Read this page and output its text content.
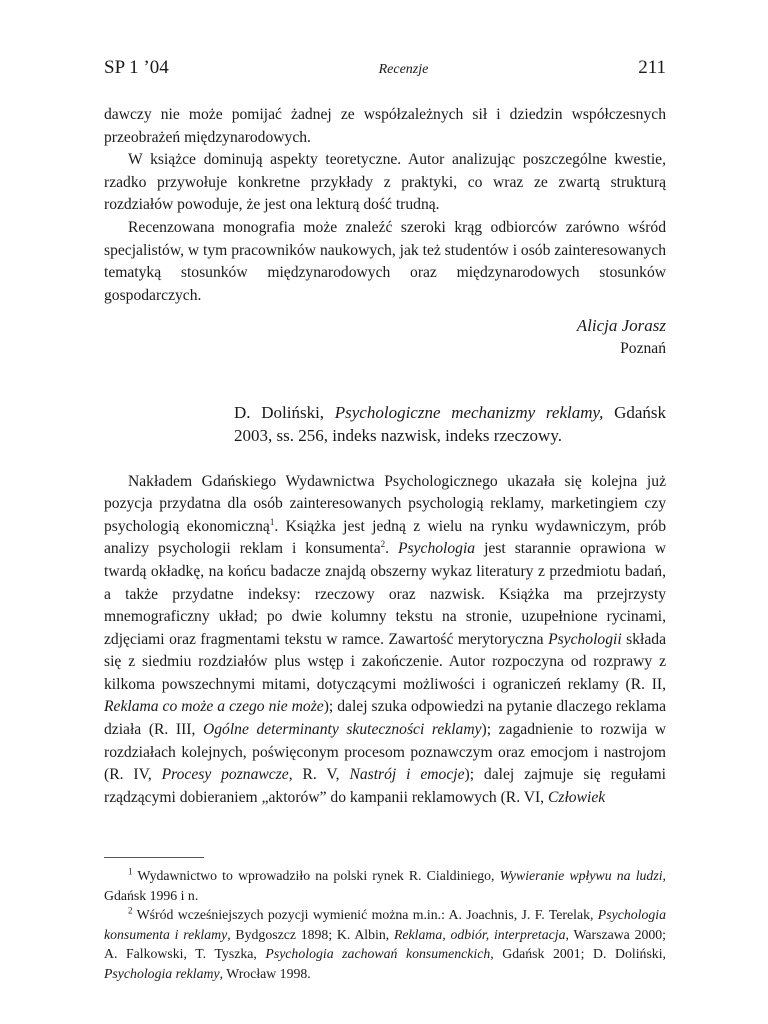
SP 1 ’04	Recenzje	211

dawczy nie może pomijać żadnej ze współzależnych sił i dziedzin współczesnych przeobrażeń międzynarodowych.

W książce dominują aspekty teoretyczne. Autor analizując poszczególne kwestie, rzadko przywołuje konkretne przykłady z praktyki, co wraz ze zwartą strukturą rozdziałów powoduje, że jest ona lekturą dość trudną.

Recenzowana monografia może znaleźć szeroki krąg odbiorców zarówno wśród specjalistów, w tym pracowników naukowych, jak też studentów i osób zainteresowanych tematyką stosunków międzynarodowych oraz międzynarodowych stosunków gospodarczych.

Alicja Jorasz
Poznań
D. Doliński, Psychologiczne mechanizmy reklamy, Gdańsk 2003, ss. 256, indeks nazwisk, indeks rzeczowy.

Nakładem Gdańskiego Wydawnictwa Psychologicznego ukazała się kolejna już pozycja przydatna dla osób zainteresowanych psychologią reklamy, marketingiem czy psychologią ekonomiczną$^1$. Książka jest jedną z wielu na rynku wydawniczym, prób analizy psychologii reklam i konsumenta$^2$. Psychologia jest starannie oprawiona w twardą okładkę, na końcu badacze znajdą obszerny wykaz literatury z przedmiotu badań, a także przydatne indeksy: rzeczowy oraz nazwisk. Książka ma przejrzysty mnemograficzny układ; po dwie kolumny tekstu na stronie, uzupełnione rycinami, zdjęciami oraz fragmentami tekstu w ramce. Zawartość merytoryczna Psychologii składa się z siedmiu rozdziałów plus wstęp i zakończenie. Autor rozpoczyna od rozprawy z kilkoma powszechnymi mitami, dotyczącymi możliwości i ograniczeń reklamy (R. II, Reklama co może a czego nie może); dalej szuka odpowiedzi na pytanie dlaczego reklama działa (R. III, Ogólne determinanty skuteczności reklamy); zagadnienie to rozwija w rozdziałach kolejnych, poświęconym procesom poznawczym oraz emocjom i nastrojom (R. IV, Procesy poznawcze, R. V, Nastrój i emocje); dalej zajmuje się regułami rządzącymi dobieraniem „aktorów” do kampanii reklamowych (R. VI, Człowiek

$^1$ Wydawnictwo to wprowadziło na polski rynek R. Cialdiniego, Wywieranie wpływu na ludzi, Gdańsk 1996 i n.

$^2$ Wśród wcześniejszych pozycji wymienić można m.in.: A. Joachnis, J. F. Terelak, Psychologia konsumenta i reklamy, Bydgoszcz 1898; K. Albin, Reklama, odbiór, interpretacja, Warszawa 2000; A. Falkowski, T. Tyszka, Psychologia zachowań konsumenckich, Gdańsk 2001; D. Doliński, Psychologia reklamy, Wrocław 1998.
